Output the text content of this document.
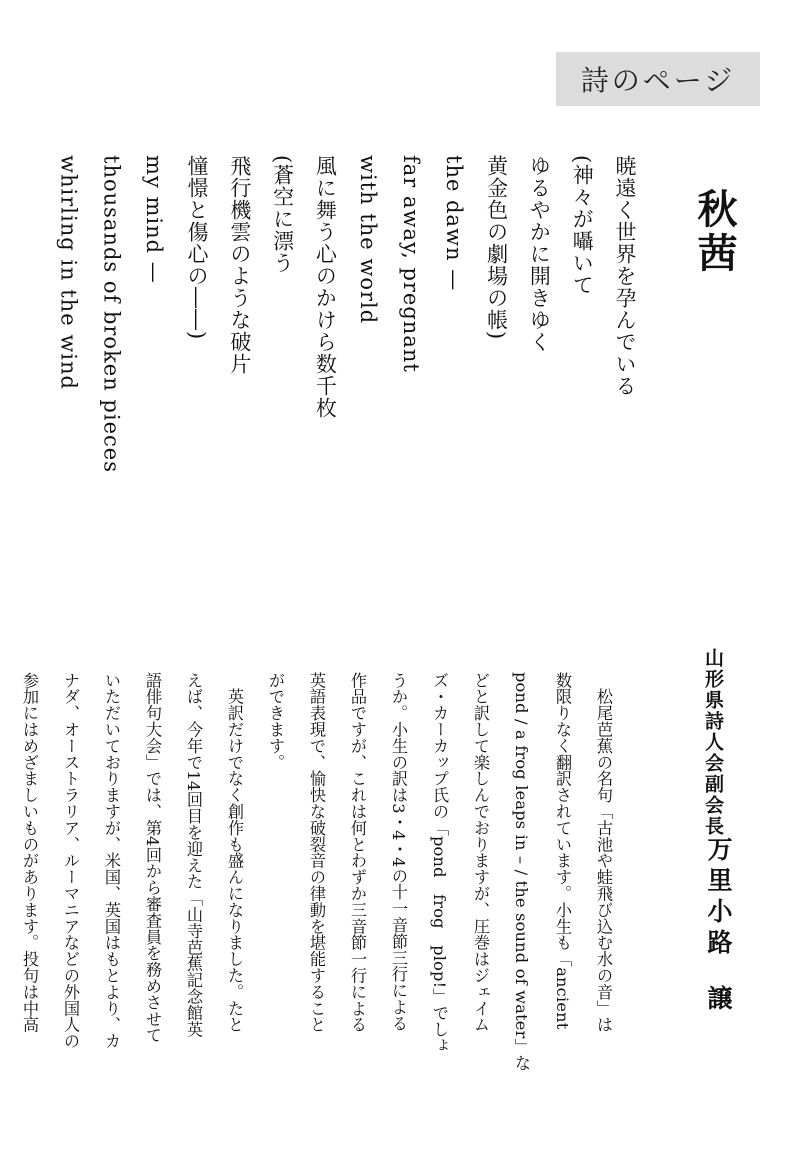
詩のページ
秋茜
暁遠く世界を孕んでいる
(神々が囁いて
ゆるやかに開きゆく
黄金色の劇場の帳)
the dawn —
far away, pregnant
with the world
風に舞う心のかけら数千枚
(蒼空に漂う
飛行機雲のような破片
憧憬と傷心の――)
my mind —
thousands of broken pieces
whirling in the wind
山形県詩人会副会長
万里小路
譲
　松尾芭蕉の名句「古池や蛙飛び込む水の音」は
数限りなく翻訳されています。小生も「ancient
pond / a frog leaps in – / the sound of water」な
どと訳して楽しんでおりますが、圧巻はジェイム
ズ・カーカップ氏の「pond　frog　plop!」でしょ
うか。小生の訳は3・4・4の十一音節三行による
作品ですが、これは何とわずか三音節一行による
英語表現で、愉快な破裂音の律動を堪能すること
ができます。
　英訳だけでなく創作も盛んになりました。たと
えば、今年で14回目を迎えた「山寺芭蕉記念館英
語俳句大会」では、第4回から審査員を務めさせて
いただいておりますが、米国、英国はもとより、カ
ナダ、オーストラリア、ルーマニアなどの外国人の
参加にはめざましいものがあります。投句は中高
